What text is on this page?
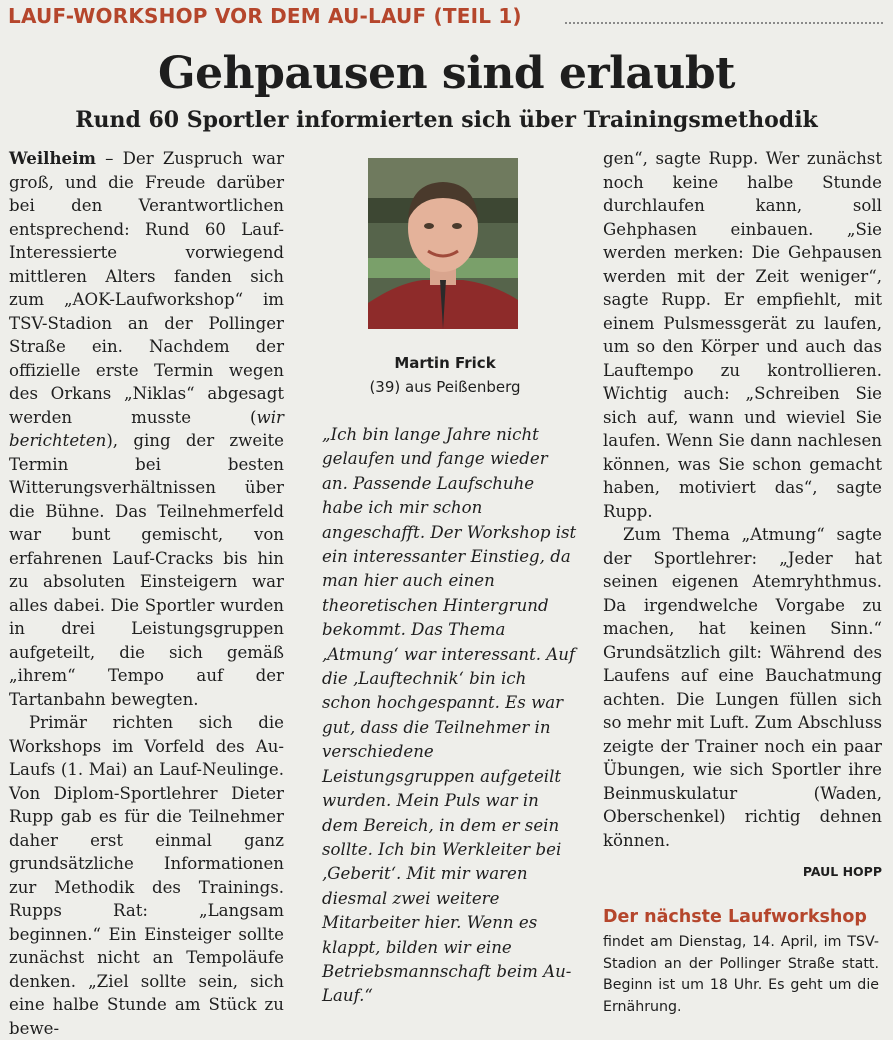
LAUF-WORKSHOP VOR DEM AU-LAUF (TEIL 1)
Gehpausen sind erlaubt
Rund 60 Sportler informierten sich über Trainingsmethodik

Weilheim – Der Zuspruch war groß, und die Freude darüber bei den Verantwortlichen entsprechend: Rund 60 Lauf-Interessierte vorwiegend mittleren Alters fanden sich zum „AOK-Laufworkshop“ im TSV-Stadion an der Pollinger Straße ein. Nachdem der offizielle erste Termin wegen des Orkans „Niklas“ abgesagt werden musste (wir berichteten), ging der zweite Termin bei besten Witterungsverhältnissen über die Bühne. Das Teilnehmerfeld war bunt gemischt, von erfahrenen Lauf-Cracks bis hin zu absoluten Einsteigern war alles dabei. Die Sportler wurden in drei Leistungsgruppen aufgeteilt, die sich gemäß „ihrem“ Tempo auf der Tartanbahn bewegten.

Primär richten sich die Workshops im Vorfeld des Au-Laufs (1. Mai) an Lauf-Neulinge. Von Diplom-Sportlehrer Dieter Rupp gab es für die Teilnehmer daher erst einmal ganz grundsätzliche Informationen zur Methodik des Trainings. Rupps Rat: „Langsam beginnen.“ Ein Einsteiger sollte zunächst nicht an Tempoläufe denken. „Ziel sollte sein, sich eine halbe Stunde am Stück zu bewe-

Martin Frick
(39) aus Peißenberg
„Ich bin lange Jahre nicht gelaufen und fange wieder an. Passende Laufschuhe habe ich mir schon angeschafft. Der Workshop ist ein interessanter Einstieg, da man hier auch einen theoretischen Hintergrund bekommt. Das Thema ‚Atmung‘ war interessant. Auf die ‚Lauftechnik‘ bin ich schon hochgespannt. Es war gut, dass die Teilnehmer in verschiedene Leistungsgruppen aufgeteilt wurden. Mein Puls war in dem Bereich, in dem er sein sollte. Ich bin Werkleiter bei ‚Geberit‘. Mit mir waren diesmal zwei weitere Mitarbeiter hier. Wenn es klappt, bilden wir eine Betriebsmannschaft beim Au-Lauf.“

gen“, sagte Rupp. Wer zunächst noch keine halbe Stunde durchlaufen kann, soll Gehphasen einbauen. „Sie werden merken: Die Gehpausen werden mit der Zeit weniger“, sagte Rupp. Er empfiehlt, mit einem Pulsmessgerät zu laufen, um so den Körper und auch das Lauftempo zu kontrollieren. Wichtig auch: „Schreiben Sie sich auf, wann und wieviel Sie laufen. Wenn Sie dann nachlesen können, was Sie schon gemacht haben, motiviert das“, sagte Rupp.

Zum Thema „Atmung“ sagte der Sportlehrer: „Jeder hat seinen eigenen Atemryhthmus. Da irgendwelche Vorgabe zu machen, hat keinen Sinn.“ Grundsätzlich gilt: Während des Laufens auf eine Bauchatmung achten. Die Lungen füllen sich so mehr mit Luft. Zum Abschluss zeigte der Trainer noch ein paar Übungen, wie sich Sportler ihre Beinmuskulatur (Waden, Oberschenkel) richtig dehnen können.

PAUL HOPP
Der nächste Laufworkshop
findet am Dienstag, 14. April, im TSV-Stadion an der Pollinger Straße statt. Beginn ist um 18 Uhr. Es geht um die Ernährung.
